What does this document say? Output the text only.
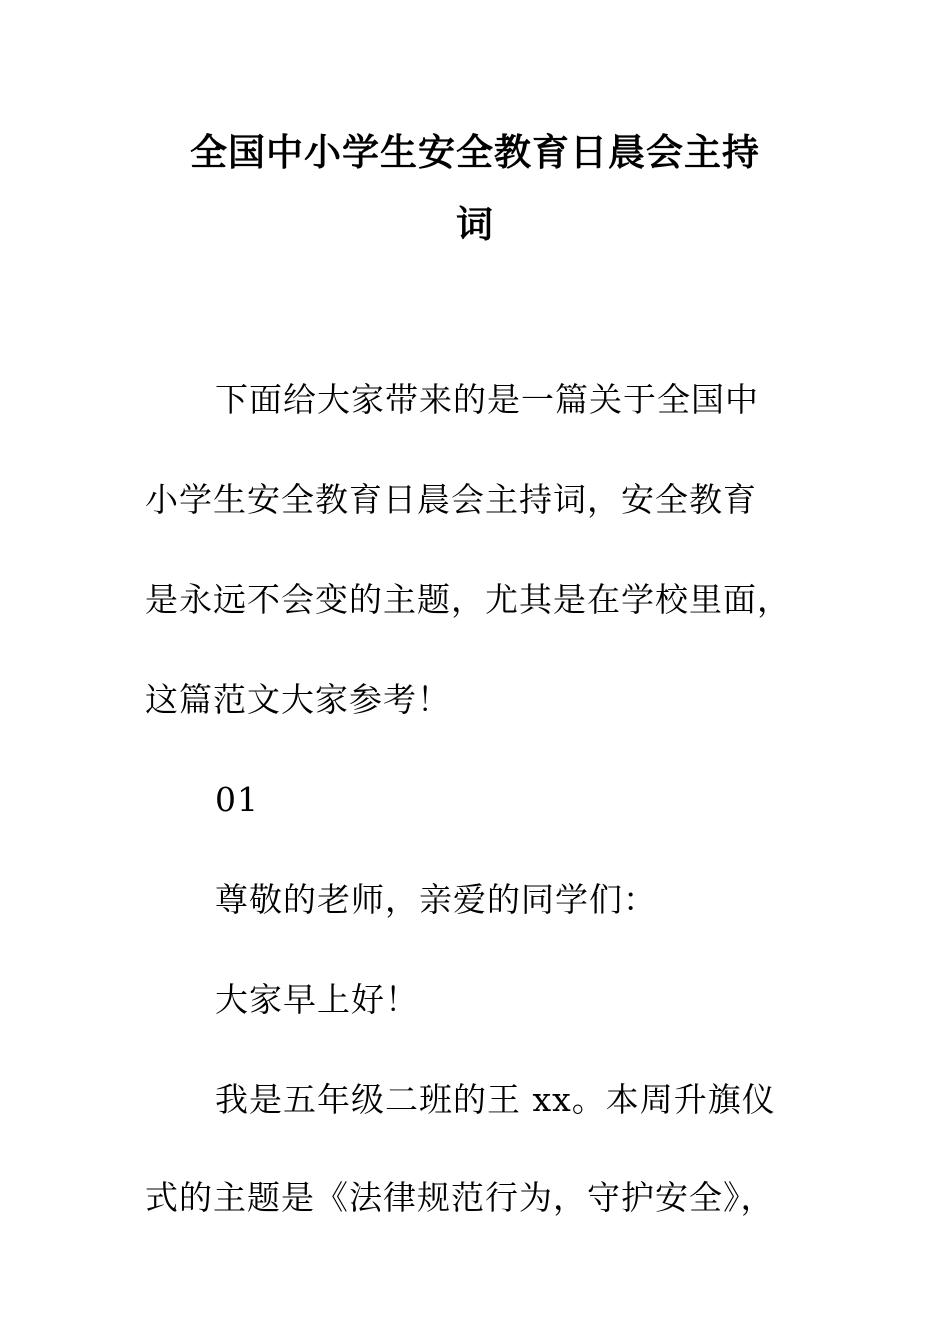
全国中小学生安全教育日晨会主持
词
下面给大家带来的是一篇关于全国中
小学生安全教育日晨会主持词，安全教育
是永远不会变的主题，尤其是在学校里面，
这篇范文大家参考！
01
尊敬的老师，亲爱的同学们：
大家早上好！
我是五年级二班的王 xx。本周升旗仪
式的主题是《法律规范行为，守护安全》，
